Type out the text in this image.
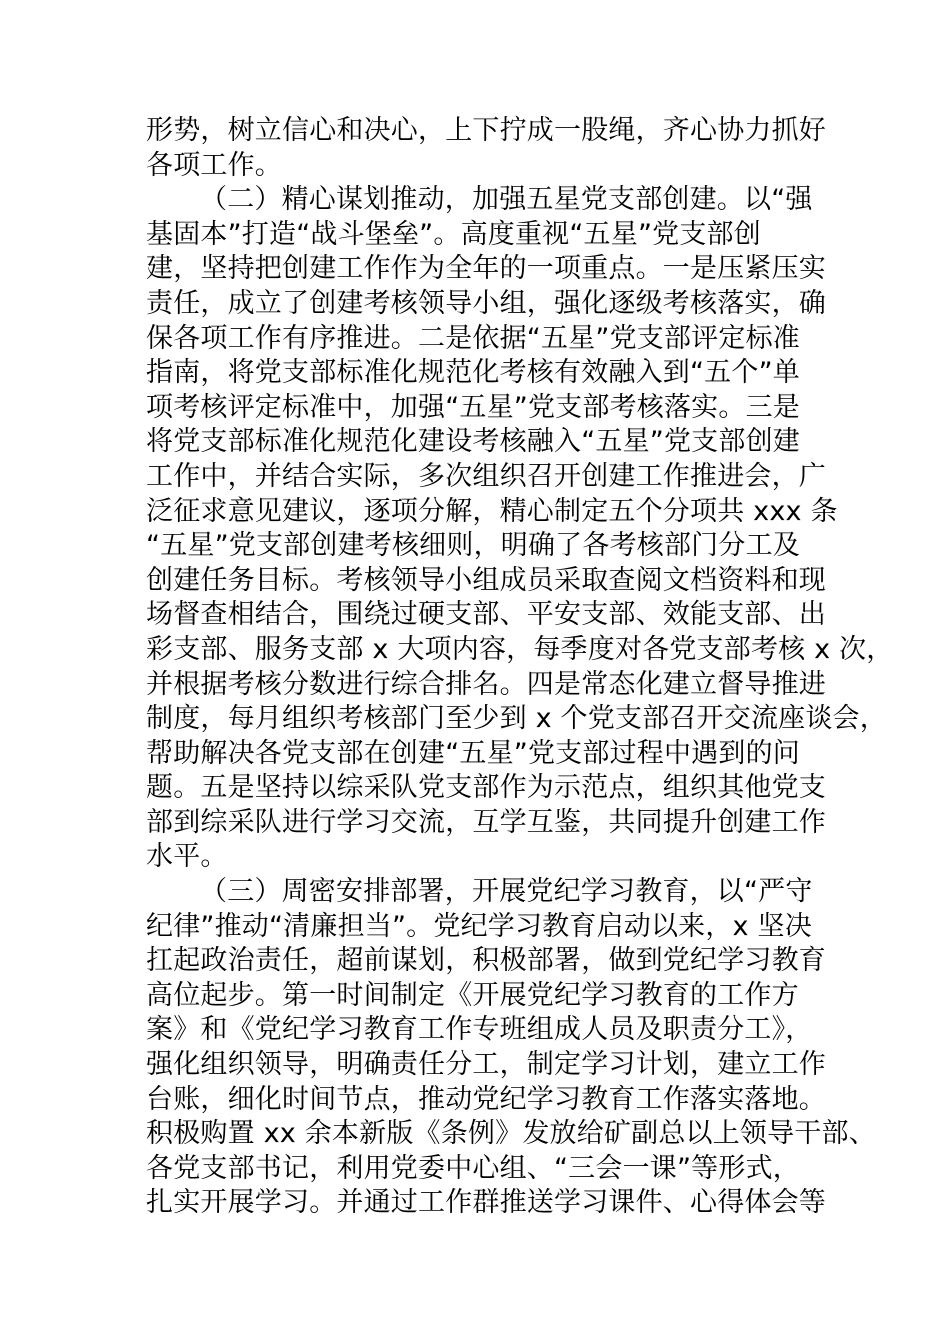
形势，树立信心和决心，上下拧成一股绳，齐心协力抓好
各项工作。
（二）精心谋划推动，加强五星党支部创建。以“强
基固本”打造“战斗堡垒”。高度重视“五星”党支部创
建，坚持把创建工作作为全年的一项重点。一是压紧压实
责任，成立了创建考核领导小组，强化逐级考核落实，确
保各项工作有序推进。二是依据“五星”党支部评定标准
指南，将党支部标准化规范化考核有效融入到“五个”单
项考核评定标准中，加强“五星”党支部考核落实。三是
将党支部标准化规范化建设考核融入“五星”党支部创建
工作中，并结合实际，多次组织召开创建工作推进会，广
泛征求意见建议，逐项分解，精心制定五个分项共 xxx 条
“五星”党支部创建考核细则，明确了各考核部门分工及
创建任务目标。考核领导小组成员采取查阅文档资料和现
场督查相结合，围绕过硬支部、平安支部、效能支部、出
彩支部、服务支部 x 大项内容，每季度对各党支部考核 x 次，
并根据考核分数进行综合排名。四是常态化建立督导推进
制度，每月组织考核部门至少到 x 个党支部召开交流座谈会，
帮助解决各党支部在创建“五星”党支部过程中遇到的问
题。五是坚持以综采队党支部作为示范点，组织其他党支
部到综采队进行学习交流，互学互鉴，共同提升创建工作
水平。
（三）周密安排部署，开展党纪学习教育，以“严守
纪律”推动“清廉担当”。党纪学习教育启动以来，x 坚决
扛起政治责任，超前谋划，积极部署，做到党纪学习教育
高位起步。第一时间制定《开展党纪学习教育的工作方
案》和《党纪学习教育工作专班组成人员及职责分工》，
强化组织领导，明确责任分工，制定学习计划，建立工作
台账，细化时间节点，推动党纪学习教育工作落实落地。
积极购置 xx 余本新版《条例》发放给矿副总以上领导干部、
各党支部书记，利用党委中心组、“三会一课”等形式，
扎实开展学习。并通过工作群推送学习课件、心得体会等
